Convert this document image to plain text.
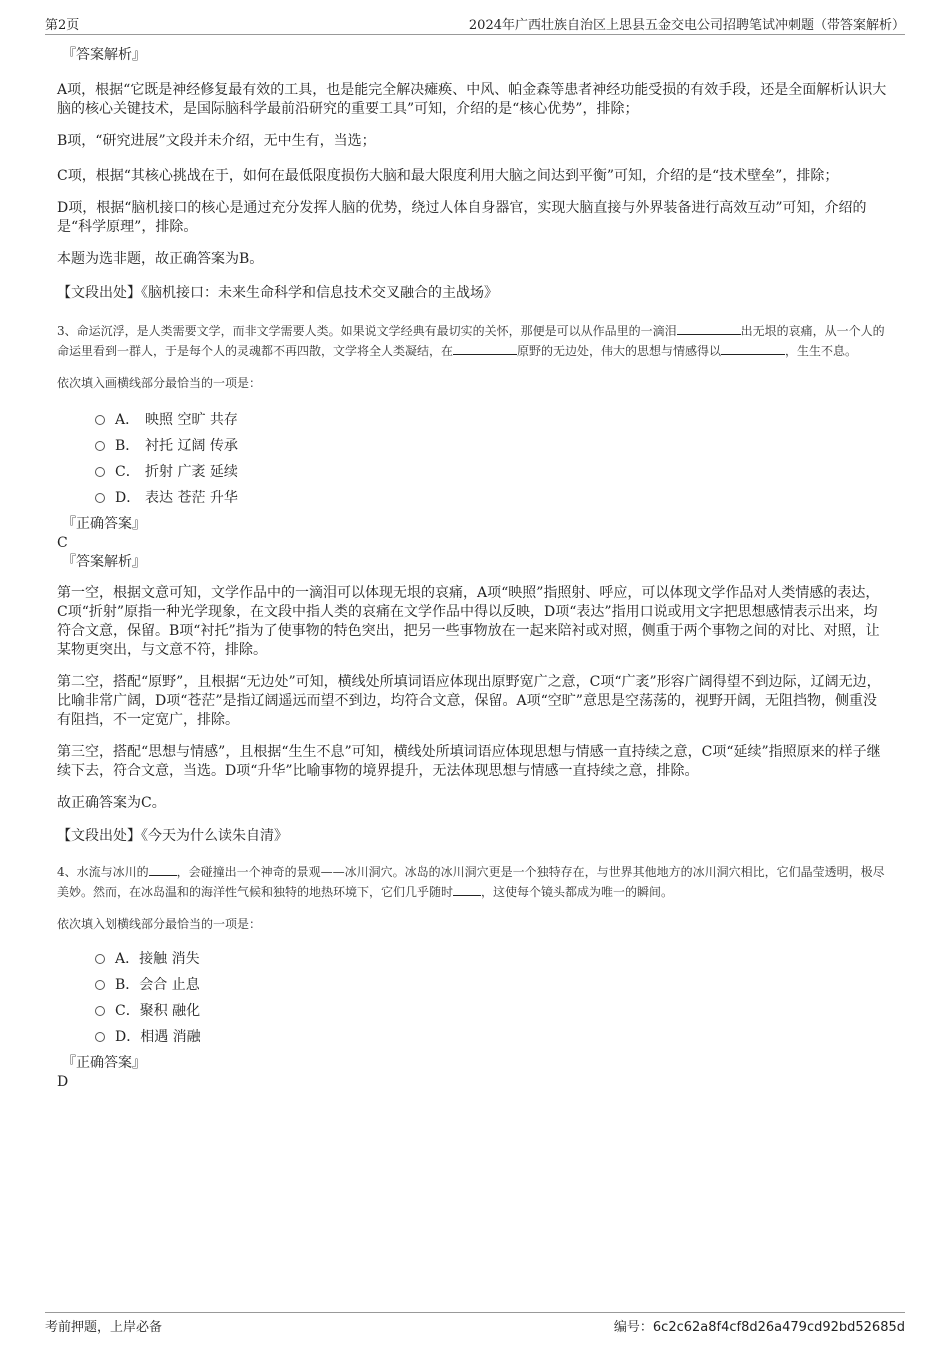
第2页	2024年广西壮族自治区上思县五金交电公司招聘笔试冲刺题（带答案解析）
『答案解析』

A项，根据“它既是神经修复最有效的工具，也是能完全解决瘫痪、中风、帕金森等患者神经功能受损的有效手段，还是全面解析认识大脑的核心关键技术，是国际脑科学最前沿研究的重要工具”可知，介绍的是“核心优势”，排除；

B项，“研究进展”文段并未介绍，无中生有，当选；

C项，根据“其核心挑战在于，如何在最低限度损伤大脑和最大限度利用大脑之间达到平衡”可知，介绍的是“技术壁垒”，排除；

D项，根据“脑机接口的核心是通过充分发挥人脑的优势，绕过人体自身器官，实现大脑直接与外界装备进行高效互动”可知，介绍的是“科学原理”，排除。

本题为选非题，故正确答案为B。

【文段出处】《脑机接口：未来生命科学和信息技术交叉融合的主战场》

3、命运沉浮，是人类需要文学，而非文学需要人类。如果说文学经典有最切实的关怀，那便是可以从作品里的一滴泪	出无垠的哀痛，从一个人的命运里看到一群人，于是每个人的灵魂都不再四散，文学将全人类凝结，在	原野的无边处，伟大的思想与情感得以	，生生不息。

依次填入画横线部分最恰当的一项是：

A． 映照 空旷 共存
B． 衬托 辽阔 传承
C． 折射 广袤 延续
D． 表达 苍茫 升华
『正确答案』
C
『答案解析』

第一空，根据文意可知，文学作品中的一滴泪可以体现无垠的哀痛，A项“映照”指照射、呼应，可以体现文学作品对人类情感的表达，C项“折射”原指一种光学现象，在文段中指人类的哀痛在文学作品中得以反映，D项“表达”指用口说或用文字把思想感情表示出来，均符合文意，保留。B项“衬托”指为了使事物的特色突出，把另一些事物放在一起来陪衬或对照，侧重于两个事物之间的对比、对照，让某物更突出，与文意不符，排除。

第二空，搭配“原野”，且根据“无边处”可知，横线处所填词语应体现出原野宽广之意，C项“广袤”形容广阔得望不到边际，辽阔无边，比喻非常广阔，D项“苍茫”是指辽阔遥远而望不到边，均符合文意，保留。A项“空旷”意思是空荡荡的，视野开阔，无阻挡物，侧重没有阻挡，不一定宽广，排除。

第三空，搭配“思想与情感”，且根据“生生不息”可知，横线处所填词语应体现思想与情感一直持续之意，C项“延续”指照原来的样子继续下去，符合文意，当选。D项“升华”比喻事物的境界提升，无法体现思想与情感一直持续之意，排除。

故正确答案为C。

【文段出处】《今天为什么读朱自清》

4、水流与冰川的 ，会碰撞出一个神奇的景观——冰川洞穴。冰岛的冰川洞穴更是一个独特存在，与世界其他地方的冰川洞穴相比，它们晶莹透明，极尽美妙。然而，在冰岛温和的海洋性气候和独特的地热环境下，它们几乎随时 ，这使每个镜头都成为唯一的瞬间。

依次填入划横线部分最恰当的一项是：

A．接触 消失
B．会合 止息
C．聚积 融化
D．相遇 消融
『正确答案』
D
考前押题，上岸必备	编号：6c2c62a8f4cf8d26a479cd92bd52685d
